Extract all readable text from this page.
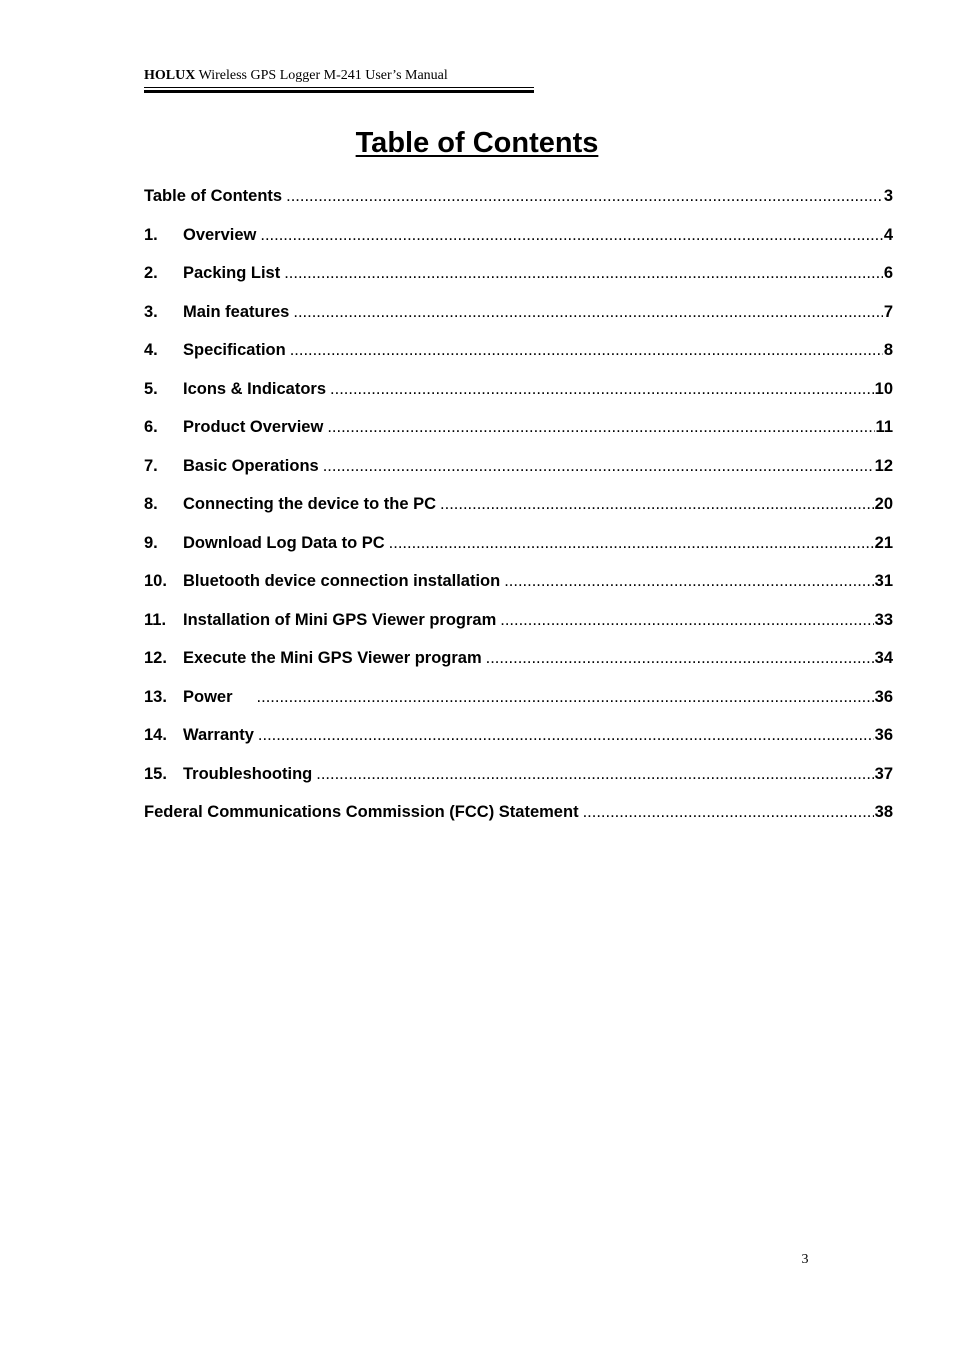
HOLUX Wireless GPS Logger M-241 User’s Manual
Table of Contents
Table of Contents .....	3
1.	Overview .....	4
2.	Packing List .....	6
3.	Main features .....	7
4.	Specification .....	8
5.	Icons & Indicators .....	10
6.	Product Overview .....	11
7.	Basic Operations .....	12
8.	Connecting the device to the PC .....	20
9.	Download Log Data to PC .....	21
10. Bluetooth device connection installation .....	31
11.	Installation of Mini GPS Viewer program .....	33
12. Execute the Mini GPS Viewer program .....	34
13. Power .....	36
14. Warranty .....	36
15. Troubleshooting .....	37
Federal Communications Commission (FCC) Statement .....	38
3
